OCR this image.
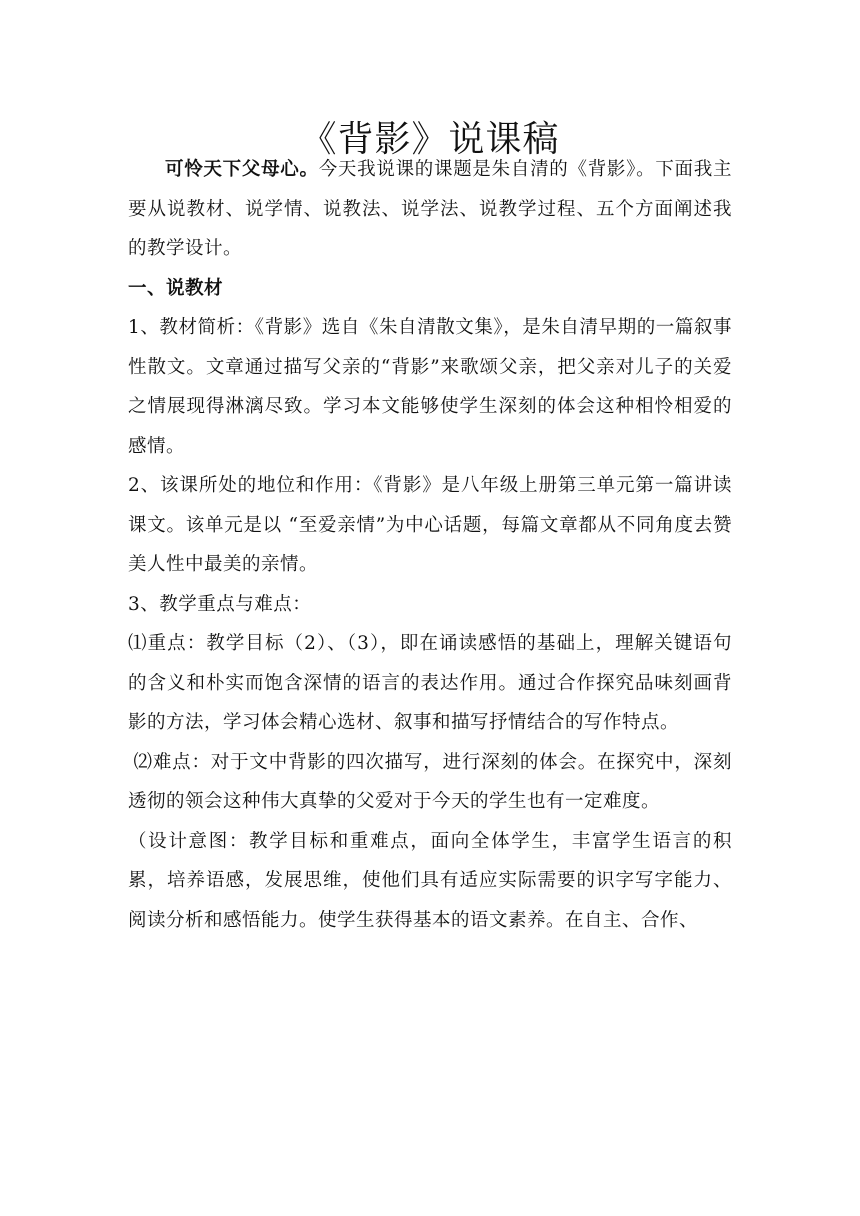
《背影》说课稿

可怜天下父母心。今天我说课的课题是朱自清的《背影》。下面我主要从说教材、说学情、说教法、说学法、说教学过程、五个方面阐述我的教学设计。

一、说教材

1、教材简析：《背影》选自《朱自清散文集》，是朱自清早期的一篇叙事性散文。文章通过描写父亲的“背影”来歌颂父亲，把父亲对儿子的关爱之情展现得淋漓尽致。学习本文能够使学生深刻的体会这种相怜相爱的感情。

2、该课所处的地位和作用：《背影》是八年级上册第三单元第一篇讲读课文。该单元是以 “至爱亲情”为中心话题，每篇文章都从不同角度去赞美人性中最美的亲情。

3、教学重点与难点：

⑴重点：教学目标（2）、（3），即在诵读感悟的基础上，理解关键语句的含义和朴实而饱含深情的语言的表达作用。通过合作探究品味刻画背影的方法，学习体会精心选材、叙事和描写抒情结合的写作特点。

⑵难点：对于文中背影的四次描写，进行深刻的体会。在探究中，深刻透彻的领会这种伟大真挚的父爱对于今天的学生也有一定难度。

（设计意图：教学目标和重难点，面向全体学生，丰富学生语言的积累，培养语感，发展思维，使他们具有适应实际需要的识字写字能力、阅读分析和感悟能力。使学生获得基本的语文素养。在自主、合作、
